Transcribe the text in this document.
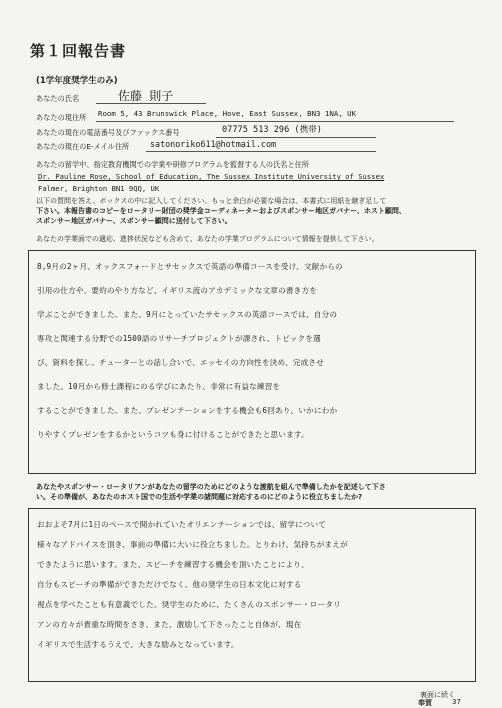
第１回報告書
(1学年度奨学生のみ)
あなたの氏名	佐藤 則子
あなたの現住所 Room 5, 43 Brunswick Place, Hove, East Sussex, BN3 1NA, UK
あなたの現在の電話番号及びファックス番号	07775 513 296 (携帯)
あなたの現在のE-メイル住所 satonoriko611@hotmail.com
あなたの留学中、指定教育機関での学業や研修プログラムを監督する人の氏名と住所
Dr. Pauline Rose, School of Education, The Sussex Institute University of Sussex
Falmer, Brighton BN1 9QQ, UK
以下の質問を答え、ボックスの中に記入してください。もっと余白が必要な場合は、本書式に用紙を継ぎ足して
下さい。本報告書のコピーをロータリー財団の奨学金コーディネーターおよびスポンサー地区ガバナー、ホスト顧問、
スポンサー地区ガバナー、スポンサー顧問に送付して下さい。
あなたの学業面での適応、進捗状況なども含めて、あなたの学業プログラムについて情報を提供して下さい。
8,9月の2ヶ月、オックスフォードとサセックスで英語の準備コースを受け、文献からの
引用の仕方や、要約のやり方など、イギリス流のアカデミックな文章の書き方を
学ぶことができました。また、9月にとっていたサセックスの英語コースでは、自分の
専攻と関連する分野での1500語のリサーチプロジェクトが課され、トピックを選
び、資料を探し、チューターとの話し合いで、エッセイの方向性を決め、完成させ
ました。10月から修士課程にのる学びにあたり、非常に有益な練習を
することができました。また、プレゼンテーションをする機会も6回あり、いかにわか
りやすくプレゼンをするかというコツも身に付けることができたと思います。
あなたやスポンサー・ロータリアンがあなたの留学のためにどのような渡航を組んで準備したかを記述して下さ
い。その準備が、あなたのホスト国での生活や学業の諸問題に対応するのにどのように役立ちましたか?
おおよそ7月に1日のペースで開かれていたオリエンテーションでは、留学について
様々なアドバイスを頂き、事前の準備に大いに役立ちました。とりわけ、気持ちがまえが
できたように思います。また、スピーチを練習する機会を頂いたことにより、
自分もスピーチの準備ができただけでなく、他の奨学生の日本文化に対する
視点を学べたことも有意義でした。奨学生のために、たくさんのスポンサー・ロータリ
アンの方々が貴重な時間をさき、また、激励して下さったこと自体が、現在
イギリスで生活するうえで、大きな励みとなっています。
裏面に続く
奉賀	37
